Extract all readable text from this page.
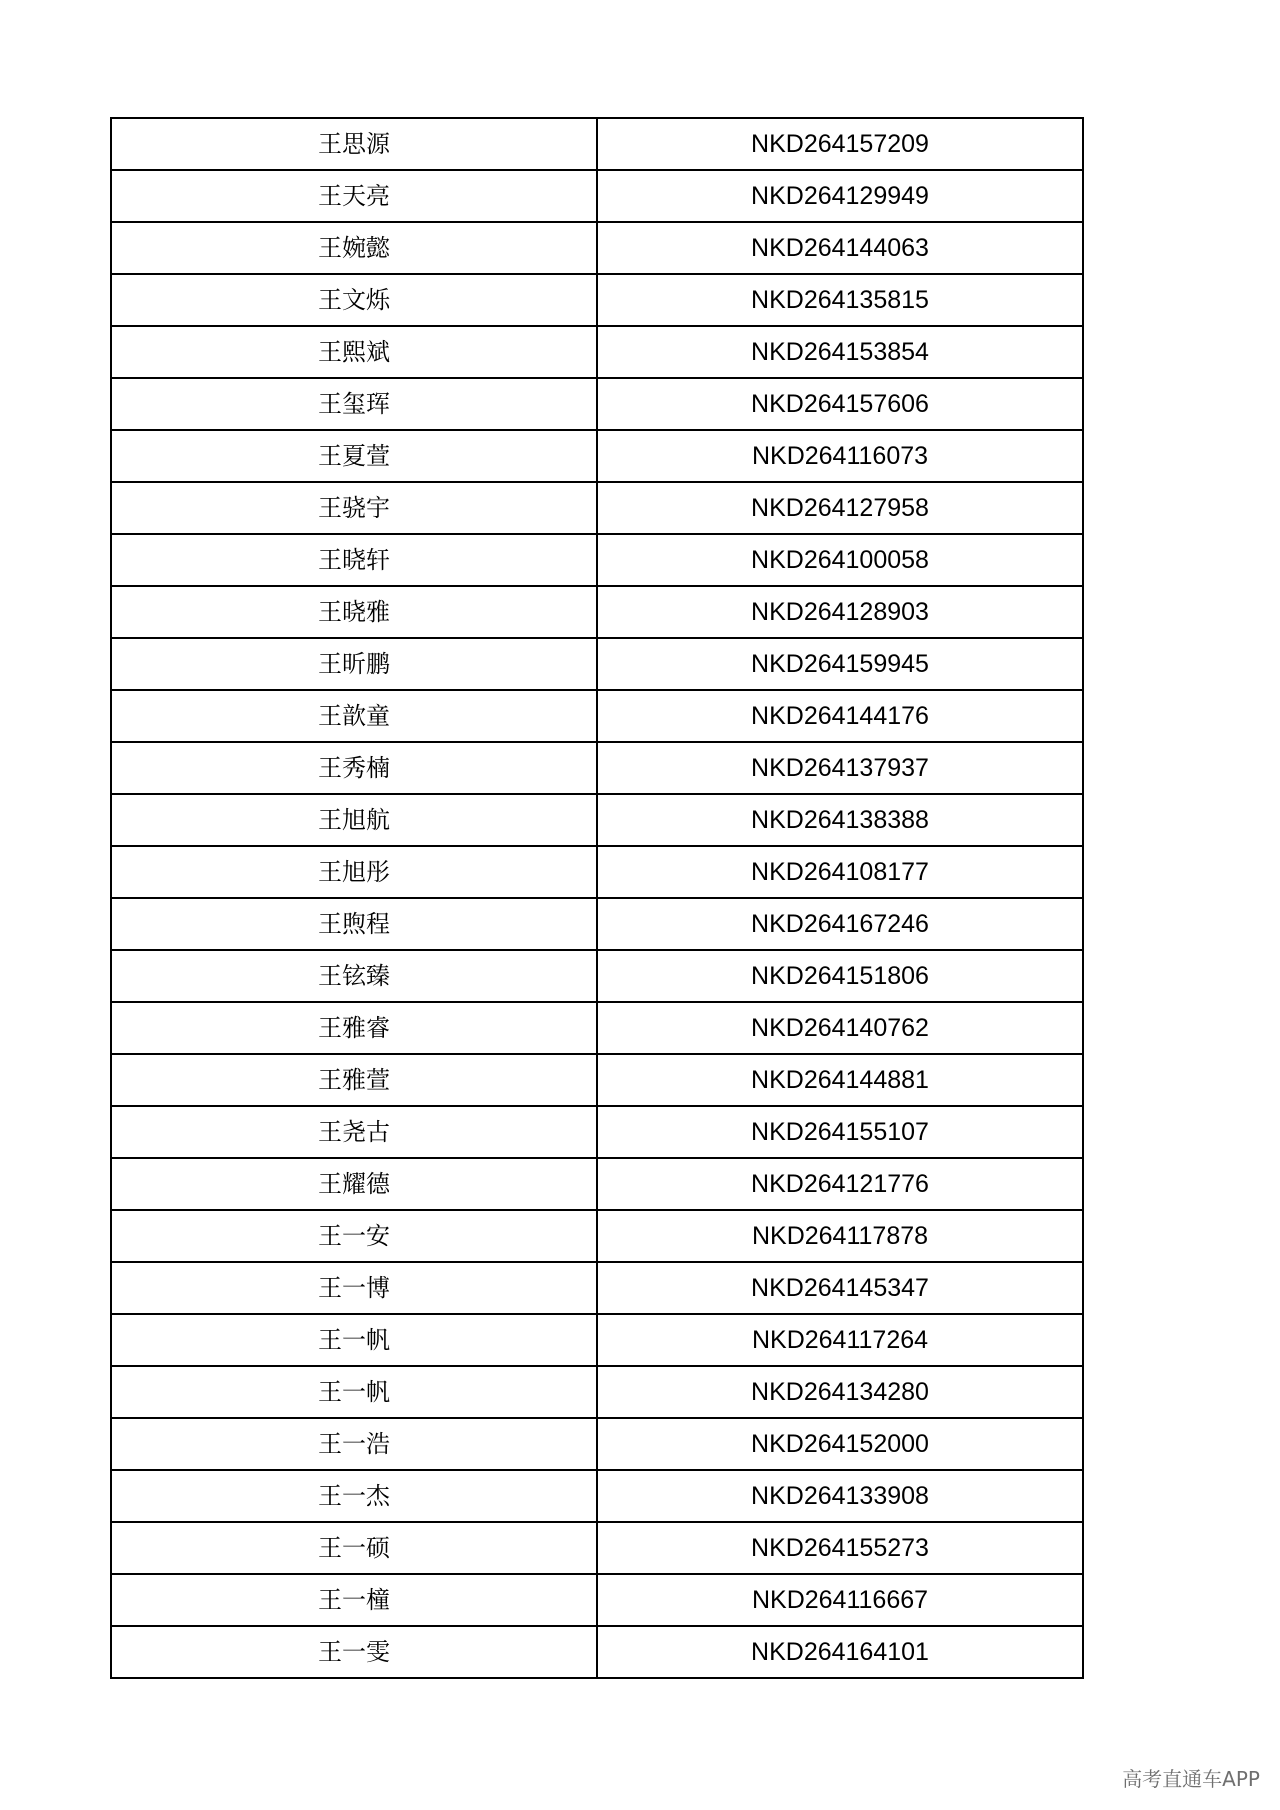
王思源	NKD264157209
王天亮	NKD264129949
王婉懿	NKD264144063
王文烁	NKD264135815
王熙斌	NKD264153854
王玺珲	NKD264157606
王夏萱	NKD264116073
王骁宇	NKD264127958
王晓轩	NKD264100058
王晓雅	NKD264128903
王昕鹏	NKD264159945
王歆童	NKD264144176
王秀楠	NKD264137937
王旭航	NKD264138388
王旭彤	NKD264108177
王煦程	NKD264167246
王铉臻	NKD264151806
王雅睿	NKD264140762
王雅萱	NKD264144881
王尧古	NKD264155107
王耀德	NKD264121776
王一安	NKD264117878
王一博	NKD264145347
王一帆	NKD264117264
王一帆	NKD264134280
王一浩	NKD264152000
王一杰	NKD264133908
王一硕	NKD264155273
王一橦	NKD264116667
王一雯	NKD264164101
高考直通车APP
